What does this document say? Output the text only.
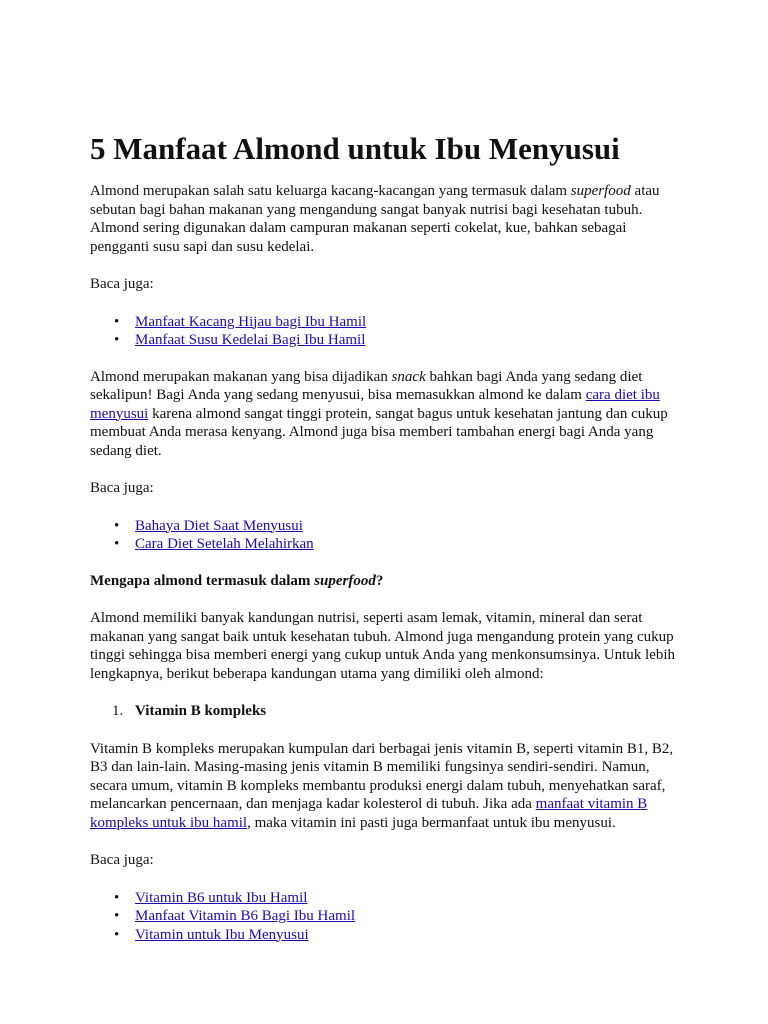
5 Manfaat Almond untuk Ibu Menyusui

Almond merupakan salah satu keluarga kacang-kacangan yang termasuk dalam superfood atau sebutan bagi bahan makanan yang mengandung sangat banyak nutrisi bagi kesehatan tubuh. Almond sering digunakan dalam campuran makanan seperti cokelat, kue, bahkan sebagai pengganti susu sapi dan susu kedelai.

Baca juga:

• Manfaat Kacang Hijau bagi Ibu Hamil
• Manfaat Susu Kedelai Bagi Ibu Hamil

Almond merupakan makanan yang bisa dijadikan snack bahkan bagi Anda yang sedang diet sekalipun! Bagi Anda yang sedang menyusui, bisa memasukkan almond ke dalam cara diet ibu menyusui karena almond sangat tinggi protein, sangat bagus untuk kesehatan jantung dan cukup membuat Anda merasa kenyang. Almond juga bisa memberi tambahan energi bagi Anda yang sedang diet.

Baca juga:

• Bahaya Diet Saat Menyusui
• Cara Diet Setelah Melahirkan

Mengapa almond termasuk dalam superfood?

Almond memiliki banyak kandungan nutrisi, seperti asam lemak, vitamin, mineral dan serat makanan yang sangat baik untuk kesehatan tubuh. Almond juga mengandung protein yang cukup tinggi sehingga bisa memberi energi yang cukup untuk Anda yang menkonsumsinya. Untuk lebih lengkapnya, berikut beberapa kandungan utama yang dimiliki oleh almond:

1. Vitamin B kompleks

Vitamin B kompleks merupakan kumpulan dari berbagai jenis vitamin B, seperti vitamin B1, B2, B3 dan lain-lain. Masing-masing jenis vitamin B memiliki fungsinya sendiri-sendiri. Namun, secara umum, vitamin B kompleks membantu produksi energi dalam tubuh, menyehatkan saraf, melancarkan pencernaan, dan menjaga kadar kolesterol di tubuh. Jika ada manfaat vitamin B kompleks untuk ibu hamil, maka vitamin ini pasti juga bermanfaat untuk ibu menyusui.

Baca juga:

• Vitamin B6 untuk Ibu Hamil
• Manfaat Vitamin B6 Bagi Ibu Hamil
• Vitamin untuk Ibu Menyusui
